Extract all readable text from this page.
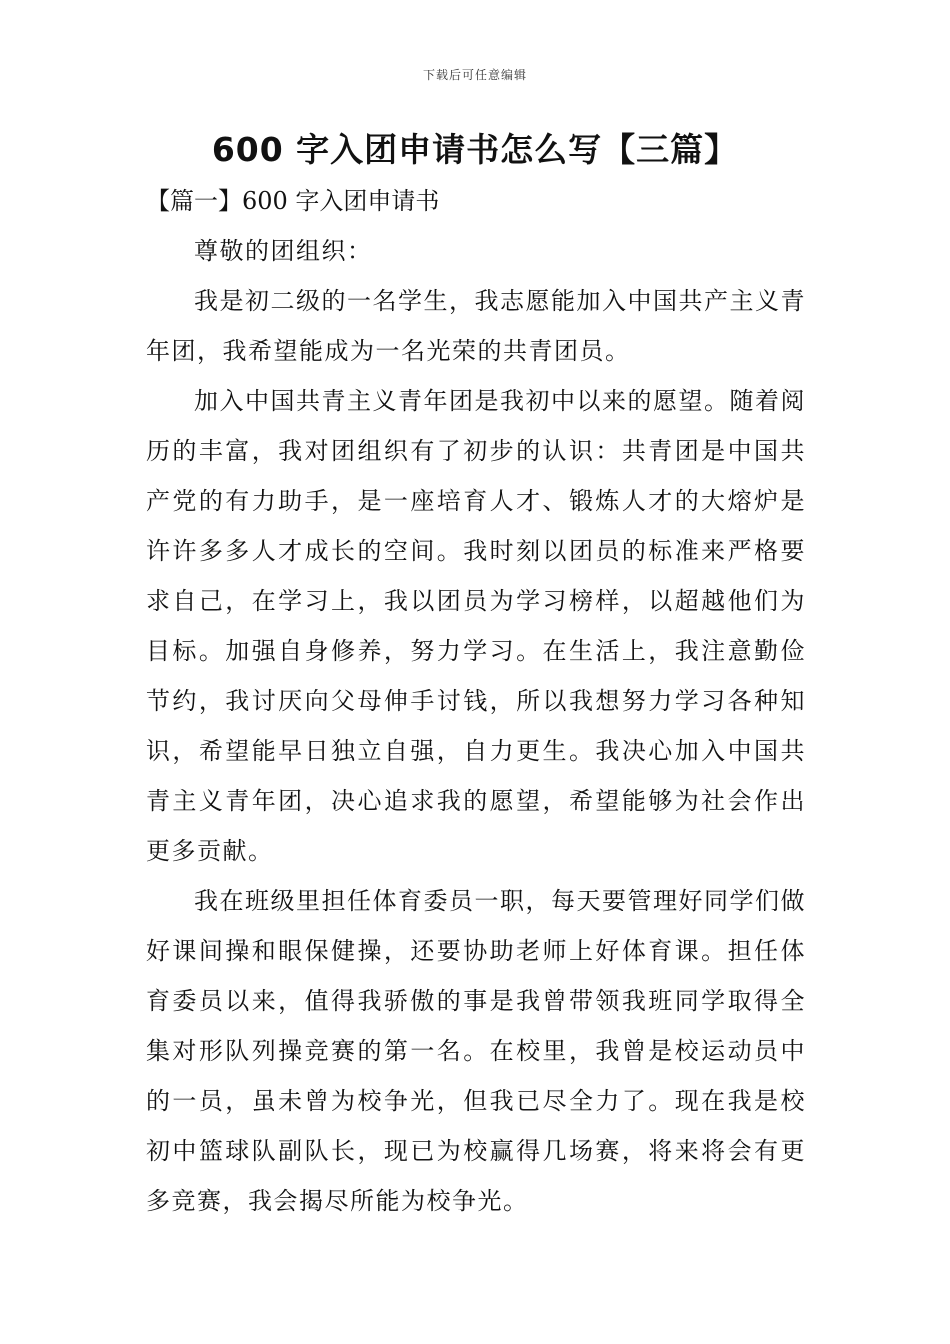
下载后可任意编辑
600 字入团申请书怎么写【三篇】
【篇一】600 字入团申请书

尊敬的团组织：

我是初二级的一名学生，我志愿能加入中国共产主义青年团，我希望能成为一名光荣的共青团员。

加入中国共青主义青年团是我初中以来的愿望。随着阅历的丰富，我对团组织有了初步的认识：共青团是中国共产党的有力助手，是一座培育人才、锻炼人才的大熔炉是许许多多人才成长的空间。我时刻以团员的标准来严格要求自己，在学习上，我以团员为学习榜样，以超越他们为目标。加强自身修养，努力学习。在生活上，我注意勤俭节约，我讨厌向父母伸手讨钱，所以我想努力学习各种知识，希望能早日独立自强，自力更生。我决心加入中国共青主义青年团，决心追求我的愿望，希望能够为社会作出更多贡献。

我在班级里担任体育委员一职，每天要管理好同学们做好课间操和眼保健操，还要协助老师上好体育课。担任体育委员以来，值得我骄傲的事是我曾带领我班同学取得全集对形队列操竞赛的第一名。在校里，我曾是校运动员中的一员，虽未曾为校争光，但我已尽全力了。现在我是校初中篮球队副队长，现已为校赢得几场赛，将来将会有更多竞赛，我会揭尽所能为校争光。
